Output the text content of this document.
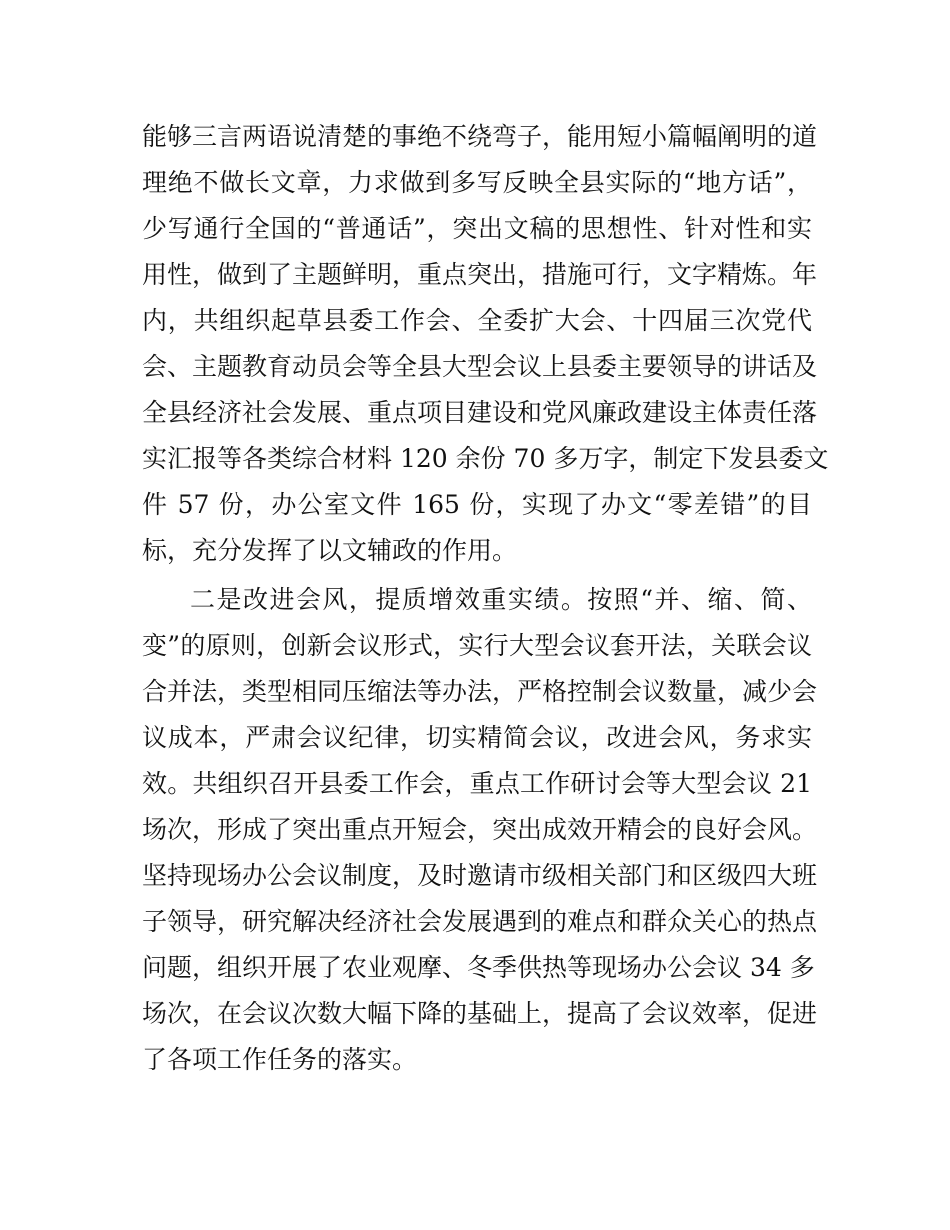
能够三言两语说清楚的事绝不绕弯子，能用短小篇幅阐明的道
理绝不做长文章，力求做到多写反映全县实际的“地方话”，
少写通行全国的“普通话”，突出文稿的思想性、针对性和实
用性，做到了主题鲜明，重点突出，措施可行，文字精炼。年
内，共组织起草县委工作会、全委扩大会、十四届三次党代
会、主题教育动员会等全县大型会议上县委主要领导的讲话及
全县经济社会发展、重点项目建设和党风廉政建设主体责任落
实汇报等各类综合材料 120 余份 70 多万字，制定下发县委文
件 57 份，办公室文件 165 份，实现了办文“零差错”的目
标，充分发挥了以文辅政的作用。
二是改进会风，提质增效重实绩。按照“并、缩、简、
变”的原则，创新会议形式，实行大型会议套开法，关联会议
合并法，类型相同压缩法等办法，严格控制会议数量，减少会
议成本，严肃会议纪律，切实精简会议，改进会风，务求实
效。共组织召开县委工作会，重点工作研讨会等大型会议 21
场次，形成了突出重点开短会，突出成效开精会的良好会风。
坚持现场办公会议制度，及时邀请市级相关部门和区级四大班
子领导，研究解决经济社会发展遇到的难点和群众关心的热点
问题，组织开展了农业观摩、冬季供热等现场办公会议 34 多
场次，在会议次数大幅下降的基础上，提高了会议效率，促进
了各项工作任务的落实。
